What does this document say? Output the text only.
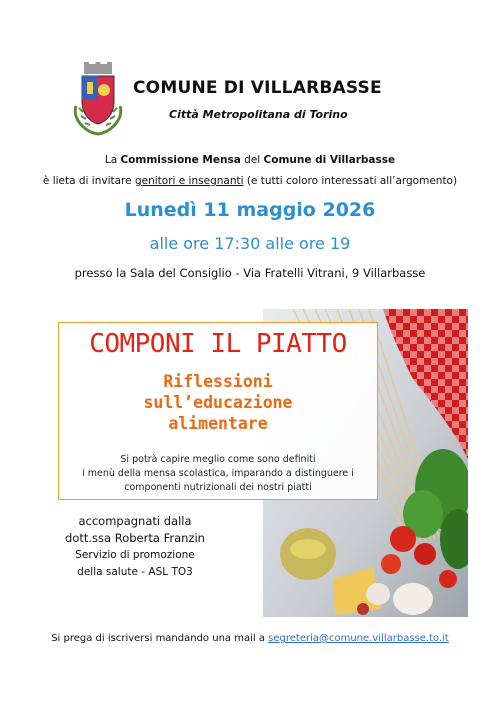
COMUNE DI VILLARBASSE
Città Metropolitana di Torino
La Commissione Mensa del Comune di Villarbasse
è lieta di invitare genitori e insegnanti (e tutti coloro interessati all’argomento)
Lunedì 11 maggio 2026
alle ore 17:30 alle ore 19
presso la Sala del Consiglio - Via Fratelli Vitrani, 9 Villarbasse
COMPONI IL PIATTO
Riflessioni
sull’educazione
alimentare
Si potrà capire meglio come sono definiti
i menù della mensa scolastica, imparando a distinguere i
componenti nutrizionali dei nostri piatti
accompagnati dalla
dott.ssa Roberta Franzin
Servizio di promozione
della salute - ASL TO3
Si prega di iscriversi mandando una mail a segreteria@comune.villarbasse.to.it
